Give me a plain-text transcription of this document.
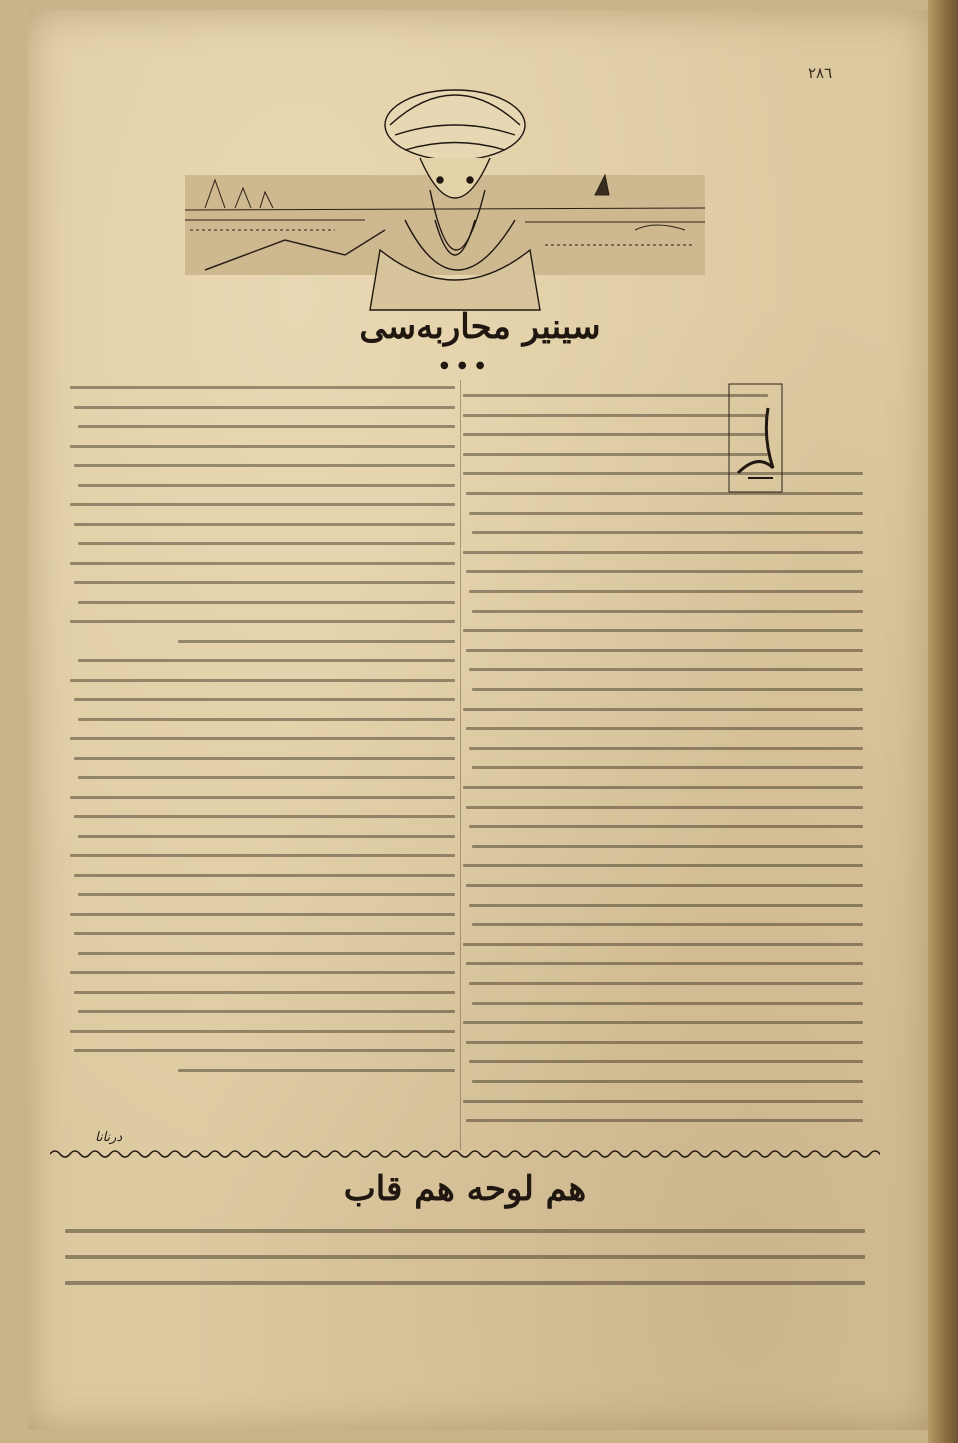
٢٨٦
سینیر محاربه‌سی
● ● ●
درنانا
هم لوحه هم قاب
